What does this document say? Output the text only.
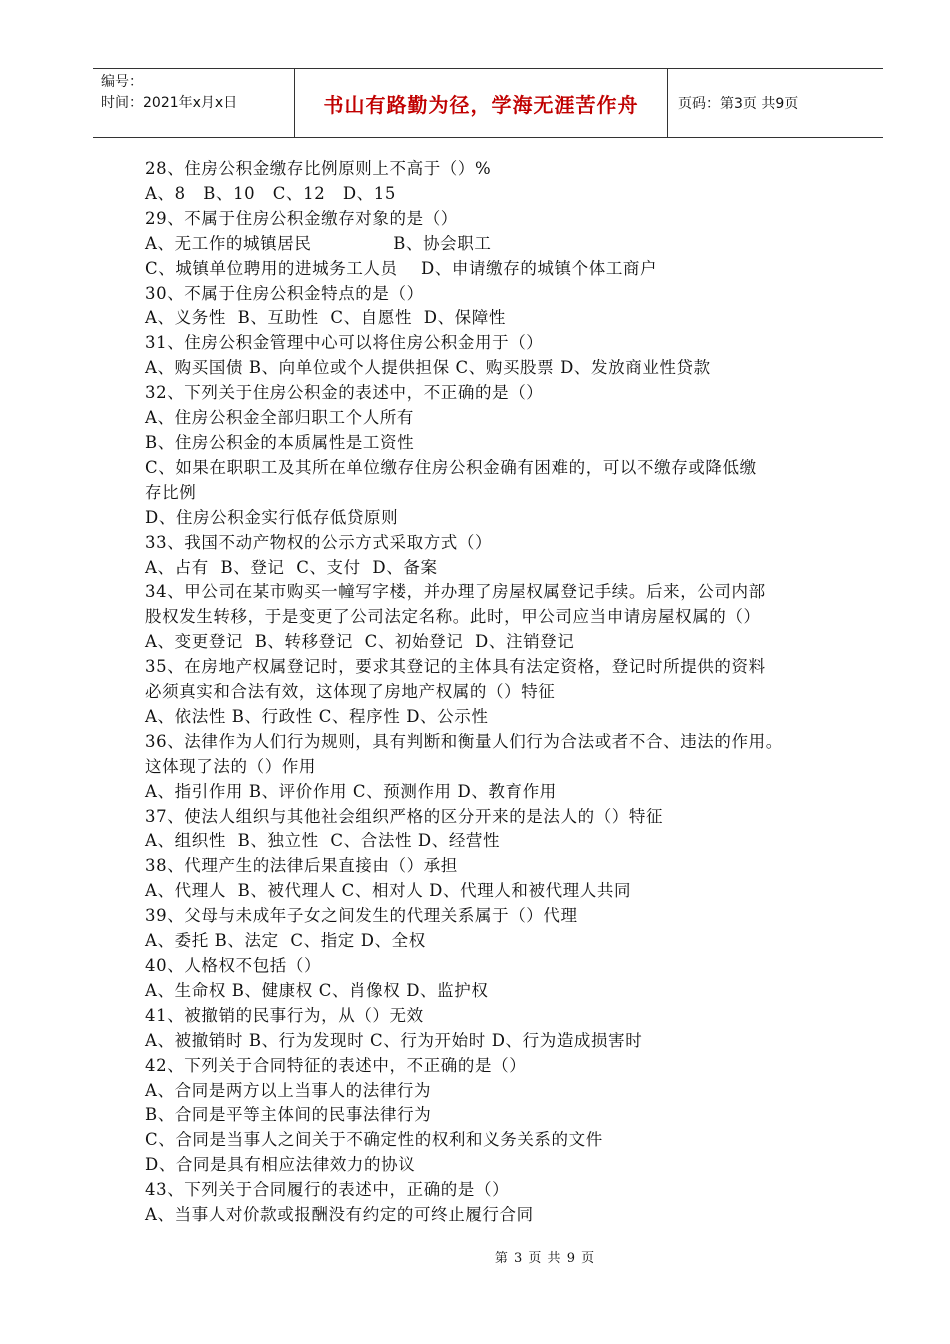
编号：
时间：2021年x月x日	书山有路勤为径，学海无涯苦作舟	页码：第3页 共9页
28、住房公积金缴存比例原则上不高于（）%
A、8   B、10   C、12   D、15
29、不属于住房公积金缴存对象的是（）
A、无工作的城镇居民              B、协会职工
C、城镇单位聘用的进城务工人员    D、申请缴存的城镇个体工商户
30、不属于住房公积金特点的是（）
A、义务性  B、互助性  C、自愿性  D、保障性
31、住房公积金管理中心可以将住房公积金用于（）
A、购买国债 B、向单位或个人提供担保 C、购买股票 D、发放商业性贷款
32、下列关于住房公积金的表述中，不正确的是（）
A、住房公积金全部归职工个人所有
B、住房公积金的本质属性是工资性
C、如果在职职工及其所在单位缴存住房公积金确有困难的，可以不缴存或降低缴
存比例
D、住房公积金实行低存低贷原则
33、我国不动产物权的公示方式采取方式（）
A、占有  B、登记  C、支付  D、备案
34、甲公司在某市购买一幢写字楼，并办理了房屋权属登记手续。后来，公司内部
股权发生转移，于是变更了公司法定名称。此时，甲公司应当申请房屋权属的（）
A、变更登记  B、转移登记  C、初始登记  D、注销登记
35、在房地产权属登记时，要求其登记的主体具有法定资格，登记时所提供的资料
必须真实和合法有效，这体现了房地产权属的（）特征
A、依法性 B、行政性 C、程序性 D、公示性
36、法律作为人们行为规则，具有判断和衡量人们行为合法或者不合、违法的作用。
这体现了法的（）作用
A、指引作用 B、评价作用 C、预测作用 D、教育作用
37、使法人组织与其他社会组织严格的区分开来的是法人的（）特征
A、组织性  B、独立性  C、合法性 D、经营性
38、代理产生的法律后果直接由（）承担
A、代理人  B、被代理人 C、相对人 D、代理人和被代理人共同
39、父母与未成年子女之间发生的代理关系属于（）代理
A、委托 B、法定  C、指定 D、全权
40、人格权不包括（）
A、生命权 B、健康权 C、肖像权 D、监护权
41、被撤销的民事行为，从（）无效
A、被撤销时 B、行为发现时 C、行为开始时 D、行为造成损害时
42、下列关于合同特征的表述中，不正确的是（）
A、合同是两方以上当事人的法律行为
B、合同是平等主体间的民事法律行为
C、合同是当事人之间关于不确定性的权利和义务关系的文件
D、合同是具有相应法律效力的协议
43、下列关于合同履行的表述中，正确的是（）
A、当事人对价款或报酬没有约定的可终止履行合同
第 3 页 共 9 页
